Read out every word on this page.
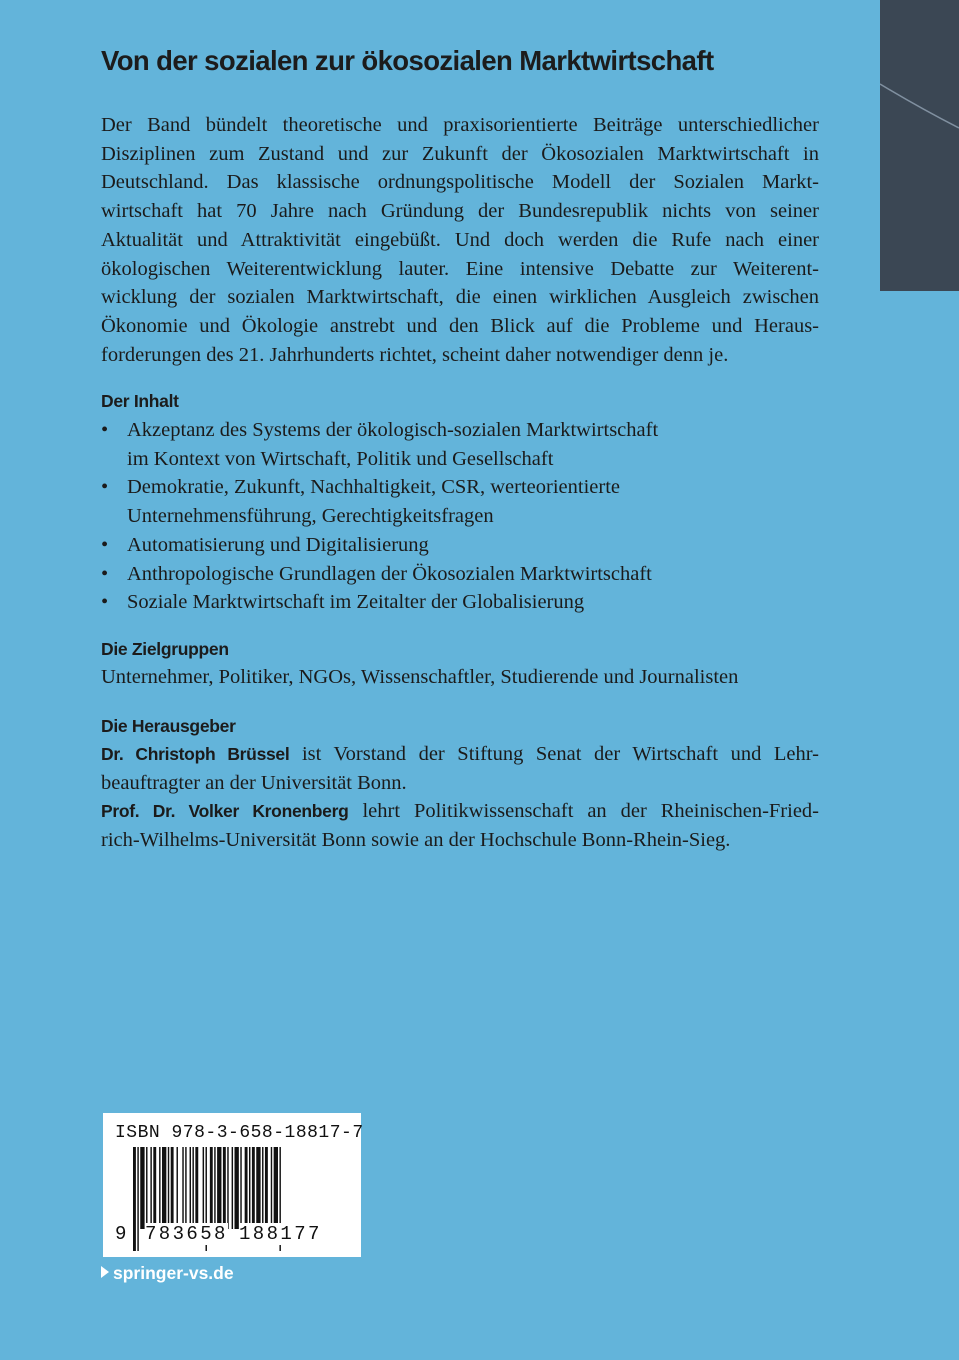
Von der sozialen zur ökosozialen Marktwirtschaft

Der Band bündelt theoretische und praxisorientierte Beiträge unterschiedlicher
Disziplinen zum Zustand und zur Zukunft der Ökosozialen Marktwirtschaft in
Deutschland. Das klassische ordnungspolitische Modell der Sozialen Markt-
wirtschaft hat 70 Jahre nach Gründung der Bundesrepublik nichts von seiner
Aktualität und Attraktivität eingebüßt. Und doch werden die Rufe nach einer
ökologischen Weiterentwicklung lauter. Eine intensive Debatte zur Weiterent-
wicklung der sozialen Marktwirtschaft, die einen wirklichen Ausgleich zwischen
Ökonomie und Ökologie anstrebt und den Blick auf die Probleme und Heraus-
forderungen des 21. Jahrhunderts richtet, scheint daher notwendiger denn je.

Der Inhalt
• Akzeptanz des Systems der ökologisch-sozialen Marktwirtschaft
im Kontext von Wirtschaft, Politik und Gesellschaft
• Demokratie, Zukunft, Nachhaltigkeit, CSR, werteorientierte
Unternehmensführung, Gerechtigkeitsfragen
• Automatisierung und Digitalisierung
• Anthropologische Grundlagen der Ökosozialen Marktwirtschaft
• Soziale Marktwirtschaft im Zeitalter der Globalisierung
Die Zielgruppen

Unternehmer, Politiker, NGOs, Wissenschaftler, Studierende und Journalisten

Die Herausgeber

Dr. Christoph Brüssel ist Vorstand der Stiftung Senat der Wirtschaft und Lehr-
beauftragter an der Universität Bonn.
Prof. Dr. Volker Kronenberg lehrt Politikwissenschaft an der Rheinischen-Fried-
rich-Wilhelms-Universität Bonn sowie an der Hochschule Bonn-Rhein-Sieg.

ISBN 978-3-658-18817-7

9 783658 188177

springer-vs.de
